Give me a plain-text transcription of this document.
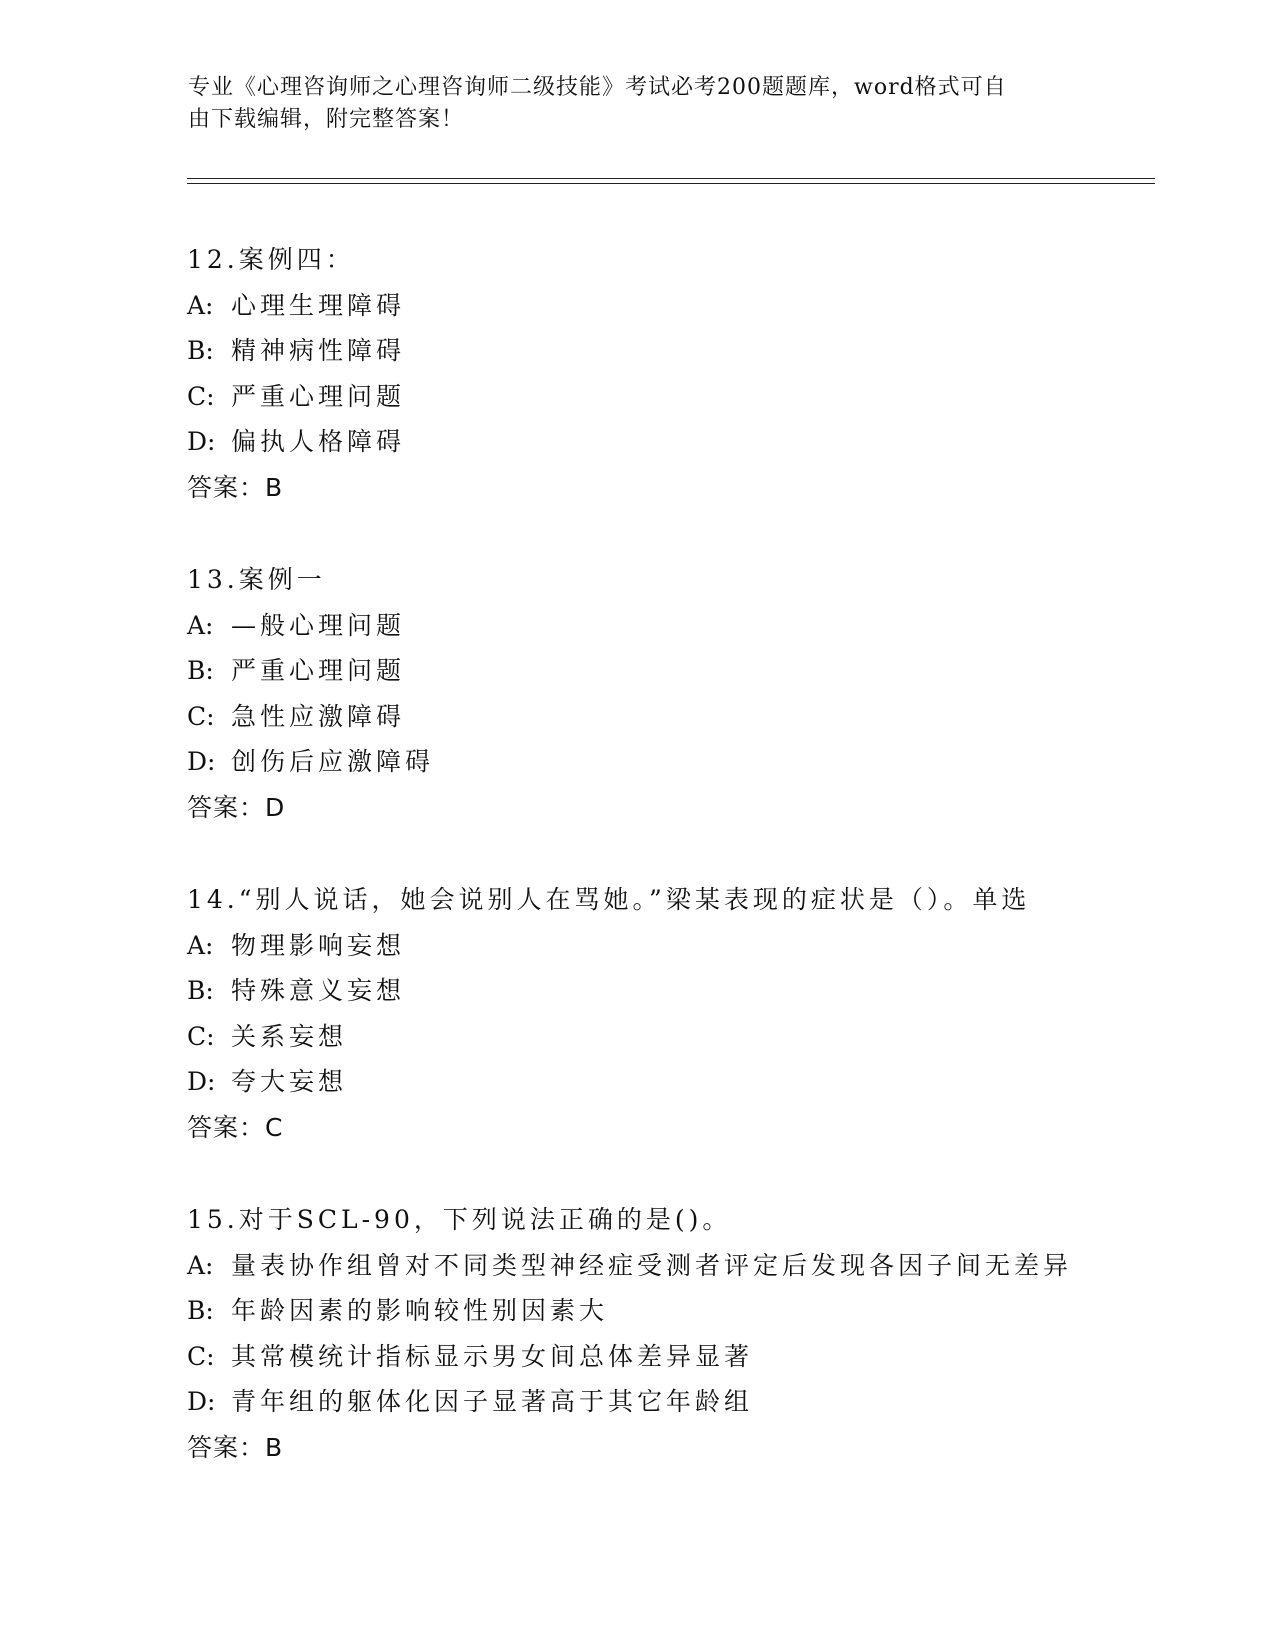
专业《心理咨询师之心理咨询师二级技能》考试必考200题题库，word格式可自
由下载编辑，附完整答案！
12.案例四：
A: 心理生理障碍
B: 精神病性障碍
C: 严重心理问题
D: 偏执人格障碍
答案：B
13.案例一
A: —般心理问题
B: 严重心理问题
C: 急性应激障碍
D: 创伤后应激障碍
答案：D
14.“别人说话，她会说别人在骂她。”梁某表现的症状是（）。单选
A: 物理影响妄想
B: 特殊意义妄想
C: 关系妄想
D: 夸大妄想
答案：C
15.对于SCL-90，下列说法正确的是()。
A: 量表协作组曾对不同类型神经症受测者评定后发现各因子间无差异
B: 年龄因素的影响较性别因素大
C: 其常模统计指标显示男女间总体差异显著
D: 青年组的躯体化因子显著高于其它年龄组
答案：B
